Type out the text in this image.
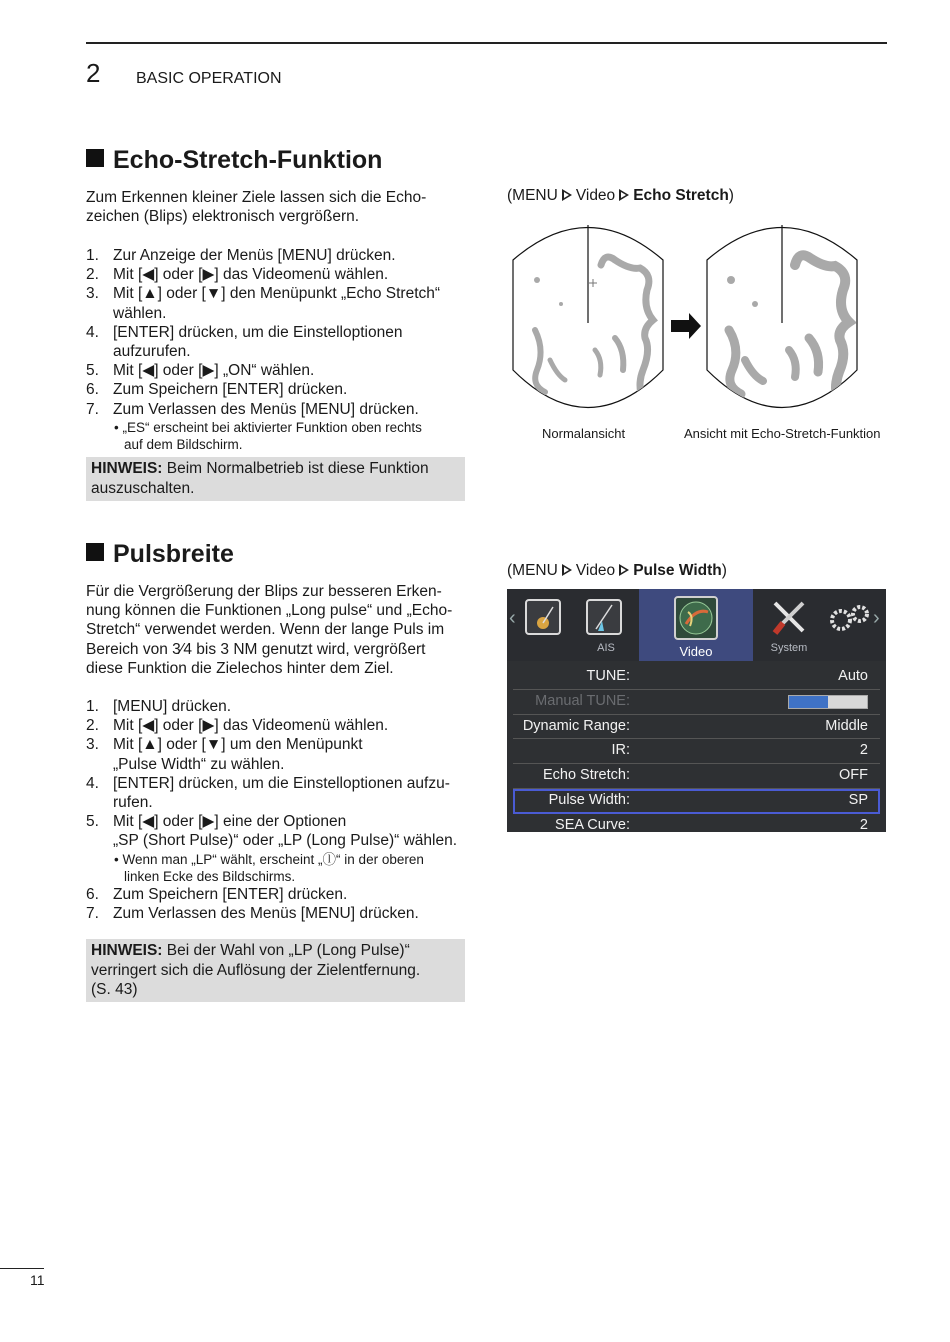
2 BASIC OPERATION
Echo-Stretch-Funktion
Zum Erkennen kleiner Ziele lassen sich die Echo-
zeichen (Blips) elektronisch vergrößern.
1. Zur Anzeige der Menüs [MENU] drücken.
2. Mit [◀] oder [▶] das Videomenü wählen.
3. Mit [▲] oder [▼] den Menüpunkt „Echo Stretch“
wählen.
4. [ENTER] drücken, um die Einstelloptionen
aufzurufen.
5. Mit [◀] oder [▶] „ON“ wählen.
6. Zum Speichern [ENTER] drücken.
7. Zum Verlassen des Menüs [MENU] drücken.
• „ES“ erscheint bei aktivierter Funktion oben rechts
auf dem Bildschirm.
HINWEIS: Beim Normalbetrieb ist diese Funktion
auszuschalten.
(MENU Video Echo Stretch)
Normalansicht	Ansicht mit Echo-Stretch-Funktion
Pulsbreite
Für die Vergrößerung der Blips zur besseren Erken-
nung können die Funktionen „Long pulse“ und „Echo-
Stretch“ verwendet werden. Wenn der lange Puls im
Bereich von 3⁄4 bis 3 NM genutzt wird, vergrößert
diese Funktion die Zielechos hinter dem Ziel.
1. [MENU] drücken.
2. Mit [◀] oder [▶] das Videomenü wählen.
3. Mit [▲] oder [▼] um den Menüpunkt
„Pulse Width“ zu wählen.
4. [ENTER] drücken, um die Einstelloptionen aufzu-
rufen.
5. Mit [◀] oder [▶] eine der Optionen
„SP (Short Pulse)“ oder „LP (Long Pulse)“ wählen.
• Wenn man „LP“ wählt, erscheint „ⓛ“ in der oberen
linken Ecke des Bildschirms.
6. Zum Speichern [ENTER] drücken.
7. Zum Verlassen des Menüs [MENU] drücken.
HINWEIS: Bei der Wahl von „LP (Long Pulse)“
verringert sich die Auflösung der Zielentfernung.
(S. 43)
(MENU Video Pulse Width)
‹
AIS	Video	System
›
TUNE:	Auto
Manual TUNE:
Dynamic Range:	Middle
IR:	2
Echo Stretch:	OFF
Pulse Width:	SP
SEA Curve:	2
11
